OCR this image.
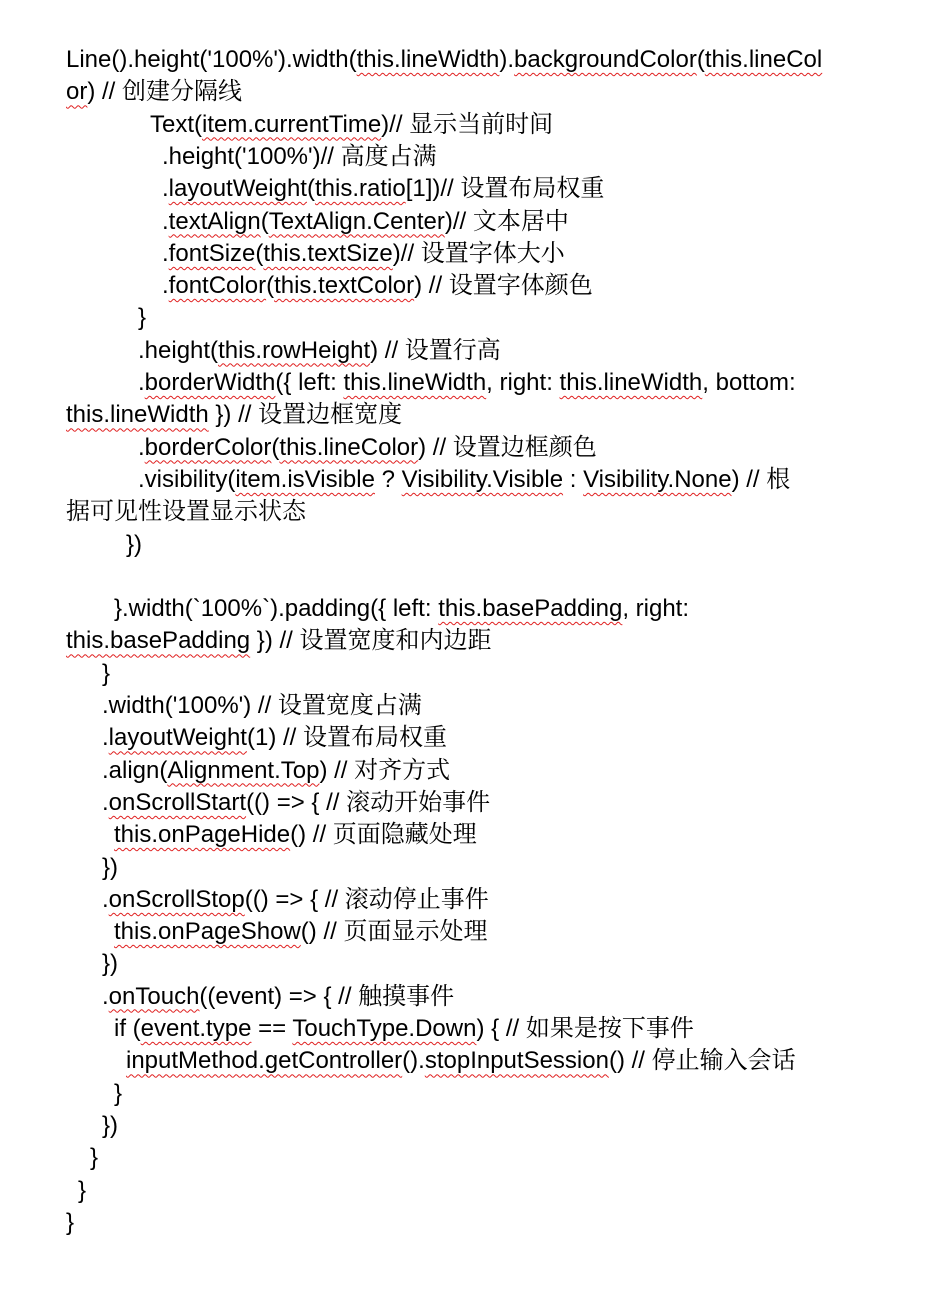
Line().height('100%').width(this.lineWidth).backgroundColor(this.lineCol
or) // 创建分隔线
Text(item.currentTime)// 显示当前时间
.height('100%')// 高度占满
.layoutWeight(this.ratio[1])// 设置布局权重
.textAlign(TextAlign.Center)// 文本居中
.fontSize(this.textSize)// 设置字体大小
.fontColor(this.textColor) // 设置字体颜色
}
.height(this.rowHeight) // 设置行高
.borderWidth({ left: this.lineWidth, right: this.lineWidth, bottom:
this.lineWidth }) // 设置边框宽度
.borderColor(this.lineColor) // 设置边框颜色
.visibility(item.isVisible ? Visibility.Visible : Visibility.None) // 根
据可见性设置显示状态
})
}.width(`100%`).padding({ left: this.basePadding, right:
this.basePadding }) // 设置宽度和内边距
}
.width('100%') // 设置宽度占满
.layoutWeight(1) // 设置布局权重
.align(Alignment.Top) // 对齐方式
.onScrollStart(() => { // 滚动开始事件
this.onPageHide() // 页面隐藏处理
})
.onScrollStop(() => { // 滚动停止事件
this.onPageShow() // 页面显示处理
})
.onTouch((event) => { // 触摸事件
if (event.type == TouchType.Down) { // 如果是按下事件
inputMethod.getController().stopInputSession() // 停止输入会话
}
})
}
}
}
